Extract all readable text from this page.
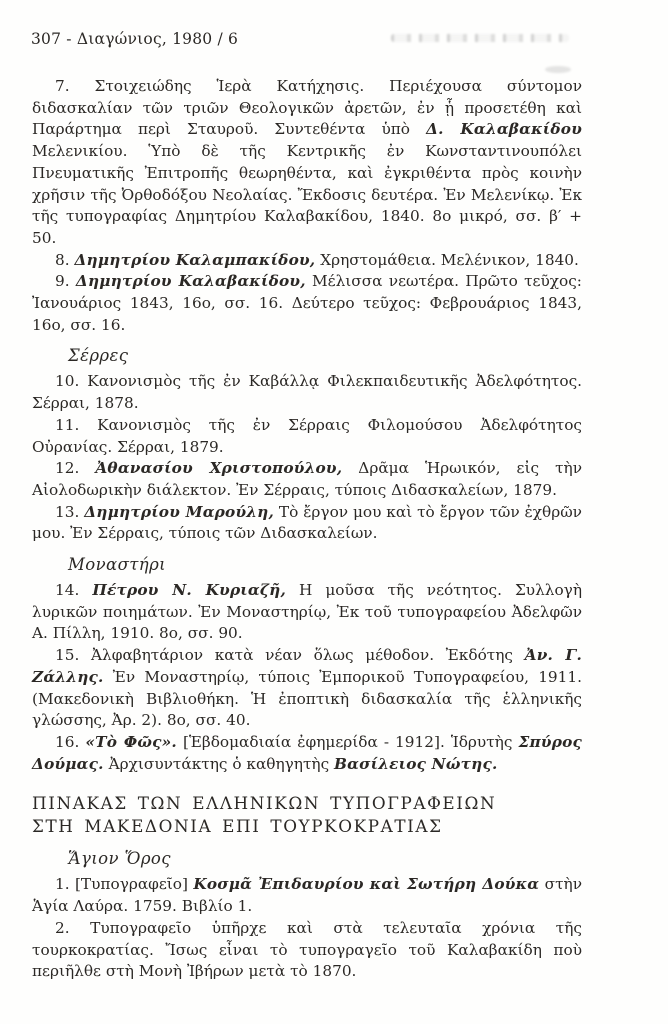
307 - Διαγώνιος, 1980 / 6

7. Στοιχειώδης Ἱερὰ Κατήχησις. Περιέχουσα σύντομον διδασκαλίαν τῶν τριῶν Θεολογικῶν ἀρετῶν, ἐν ᾗ προσετέθη καὶ Παράρτημα περὶ Σταυροῦ. Συντεθέντα ὑπὸ Δ. Καλαβακίδου Μελενικίου. Ὑπὸ δὲ τῆς Κεντρικῆς ἐν Κωνσταντινουπόλει Πνευματικῆς Ἐπιτροπῆς θεωρηθέντα, καὶ ἐγκριθέντα πρὸς κοινὴν χρῆσιν τῆς Ὀρθοδόξου Νεολαίας. Ἔκδοσις δευτέρα. Ἐν Μελενίκῳ. Ἐκ τῆς τυπογραφίας Δημητρίου Καλαβακίδου, 1840. 8ο μικρό, σσ. β′ + 50.

8. Δημητρίου Καλαμπακίδου, Χρηστομάθεια. Μελένικον, 1840.

9. Δημητρίου Καλαβακίδου, Μέλισσα νεωτέρα. Πρῶτο τεῦχος: Ἰανουάριος 1843, 16ο, σσ. 16. Δεύτερο τεῦχος: Φεβρουάριος 1843, 16ο, σσ. 16.

Σέρρες

10. Κανονισμὸς τῆς ἐν Καβάλλᾳ Φιλεκπαιδευτικῆς Ἀδελφότητος. Σέρραι, 1878.

11. Κανονισμὸς τῆς ἐν Σέρραις Φιλομούσου Ἀδελφότητος Οὐρανίας. Σέρραι, 1879.

12. Ἀθανασίου Χριστοπούλου, Δρᾶμα Ἡρωικόν, εἰς τὴν Αἰολοδωρικὴν διάλεκτον. Ἐν Σέρραις, τύποις Διδασκαλείων, 1879.

13. Δημητρίου Μαρούλη, Τὸ ἔργον μου καὶ τὸ ἔργον τῶν ἐχθρῶν μου. Ἐν Σέρραις, τύποις τῶν Διδασκαλείων.

Μοναστήρι

14. Πέτρου Ν. Κυριαζῆ, Η μοῦσα τῆς νεότητος. Συλλογὴ λυρικῶν ποιημάτων. Ἐν Μοναστηρίῳ, Ἐκ τοῦ τυπογραφείου Ἀδελφῶν Α. Πίλλη, 1910. 8ο, σσ. 90.

15. Ἀλφαβητάριον κατὰ νέαν ὅλως μέθοδον. Ἐκδότης Ἀν. Γ. Ζάλλης. Ἐν Μοναστηρίῳ, τύποις Ἐμπορικοῦ Τυπογραφείου, 1911. (Μακεδονικὴ Βιβλιοθήκη. Ἡ ἐποπτικὴ διδασκαλία τῆς ἑλληνικῆς γλώσσης, Ἀρ. 2). 8ο, σσ. 40.

16. «Τὸ Φῶς». [Ἑβδομαδιαία ἐφημερίδα - 1912]. Ἱδρυτὴς Σπύρος Δούμας. Ἀρχισυντάκτης ὁ καθηγητὴς Βασίλειος Νώτης.

ΠΙΝΑΚΑΣ ΤΩΝ ΕΛΛΗΝΙΚΩΝ ΤΥΠΟΓΡΑΦΕΙΩΝ
ΣΤΗ ΜΑΚΕΔΟΝΙΑ ΕΠΙ ΤΟΥΡΚΟΚΡΑΤΙΑΣ
Ἅγιον Ὅρος

1. [Τυπογραφεῖο] Κοσμᾶ Ἐπιδαυρίου καὶ Σωτήρη Δούκα στὴν Ἁγία Λαύρα. 1759. Βιβλίο 1.

2. Τυπογραφεῖο ὑπῆρχε καὶ στὰ τελευταῖα χρόνια τῆς τουρκοκρατίας. Ἴσως εἶναι τὸ τυπογραγεῖο τοῦ Καλαβακίδη ποὺ περιῆλθε στὴ Μονὴ Ἰβήρων μετὰ τὸ 1870.
